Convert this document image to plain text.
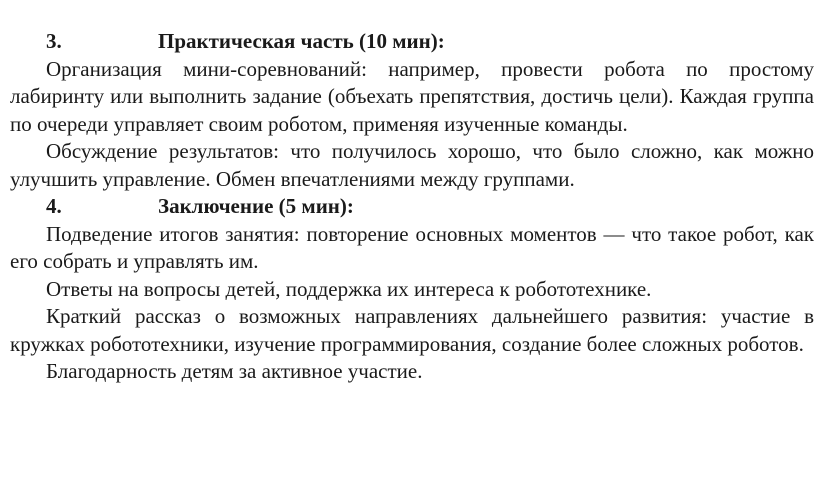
3.	Практическая часть (10 мин):

Организация мини-соревнований: например, провести робота по простому лабиринту или выполнить задание (объехать препятствия, достичь цели). Каждая группа по очереди управляет своим роботом, применяя изученные команды.

Обсуждение результатов: что получилось хорошо, что было сложно, как можно улучшить управление. Обмен впечатлениями между группами.

4.	Заключение (5 мин):

Подведение итогов занятия: повторение основных моментов — что такое робот, как его собрать и управлять им.

Ответы на вопросы детей, поддержка их интереса к робототехнике.

Краткий рассказ о возможных направлениях дальнейшего развития: участие в кружках робототехники, изучение программирования, создание более сложных роботов.

Благодарность детям за активное участие.
